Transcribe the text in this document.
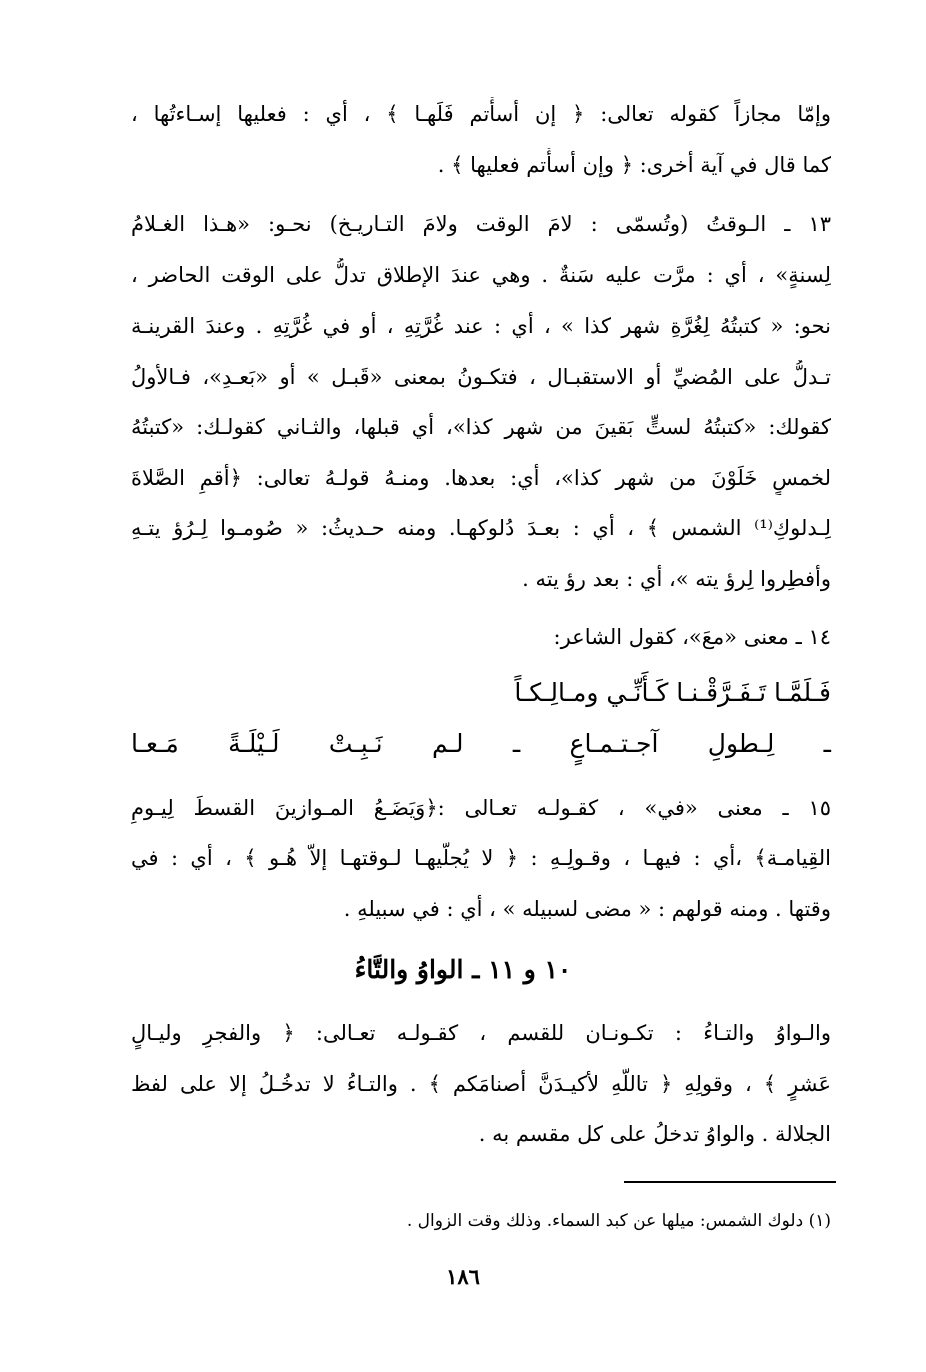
وإمّا مجازاً كقوله تعالى: ﴿ إن أسأْتم فَلَهـا ﴾ ، أي : فعليها إسـاءتُها ،
كما قال في آية أخرى: ﴿ وإن أسأْتم فعليها ﴾ .
١٣ ـ الـوقتُ (وتُسمّى : لامَ الوقت ولامَ التـاريـخ) نحـو: «هـذا الغـلامُ
لِسنةٍ» ، أي : مرَّت عليه سَنةٌ . وهي عندَ الإطلاق تدلُّ على الوقت الحاضر ،
نحو: « كتبتُهُ لِغُرَّةِ شهر كذا » ، أي : عند غُرَّتِهِ ، أو في غُرَّتِهِ . وعندَ القرينـة
تـدلُّ على المُضيِّ أو الاستقبـال ، فتكـونُ بمعنى «قَبـل » أو «بَعـدِ»، فـالأولُ
كقولك: «كتبتُهُ لستٍّ بَقينَ من شهر كذا»، أي قبلها، والثـاني كقولـك: «كتبتُهُ
لخمسٍ خَلَوْنَ من شهر كذا»، أي: بعدها. ومنـهُ قولـهُ تعالى: ﴿أقمِ الصَّلاةَ
لِـدلوكِ⁽¹⁾ الشمس ﴾ ، أي : بعـدَ دُلوكهـا. ومنه حـديثُ: « صُومـوا لِـرُؤ يتـهِ
وأفطِروا لِرؤ يته »، أي : بعد رؤ يته .
١٤ ـ معنى «معَ»، كقول الشاعر:
فَـلَمَّـا تَـفَـرَّقْـنـا كَـأَنِّـي ومـالِـكـاً
ـ لِـطولِ آجـتـمـاعٍ ـ لـم نَـبِـتْ لَـيْلَـةً مَـعـا
١٥ ـ معنى «في» ، كقـولـه تعـالى :﴿وَيَضَـعُ المـوازينَ القسطَ لِيـومِ
القِيامـة﴾ ،أي : فيهـا ، وقـولِـهِ : ﴿ لا يُجلّيهـا لـوقتهـا إلاّ هُـو ﴾ ، أي : في
وقتها . ومنه قولهم : « مضى لسبيله » ، أي : في سبيلهِ .
١٠ و ١١ ـ الواوُ والتَّاءُ
والـواوُ والتـاءُ : تكـونـان للقسم ، كقـولـه تعـالى: ﴿ والفجرِ وليـالٍ
عَشرٍ ﴾ ، وقولِهِ ﴿ تاللّهِ لأكيـدَنَّ أصنامَكم ﴾ . والتـاءُ لا تدخُـلُ إلا على لفظ
الجلالة . والواوُ تدخلُ على كل مقسم به .
(١) دلوك الشمس: ميلها عن كبد السماء. وذلك وقت الزوال .
١٨٦
